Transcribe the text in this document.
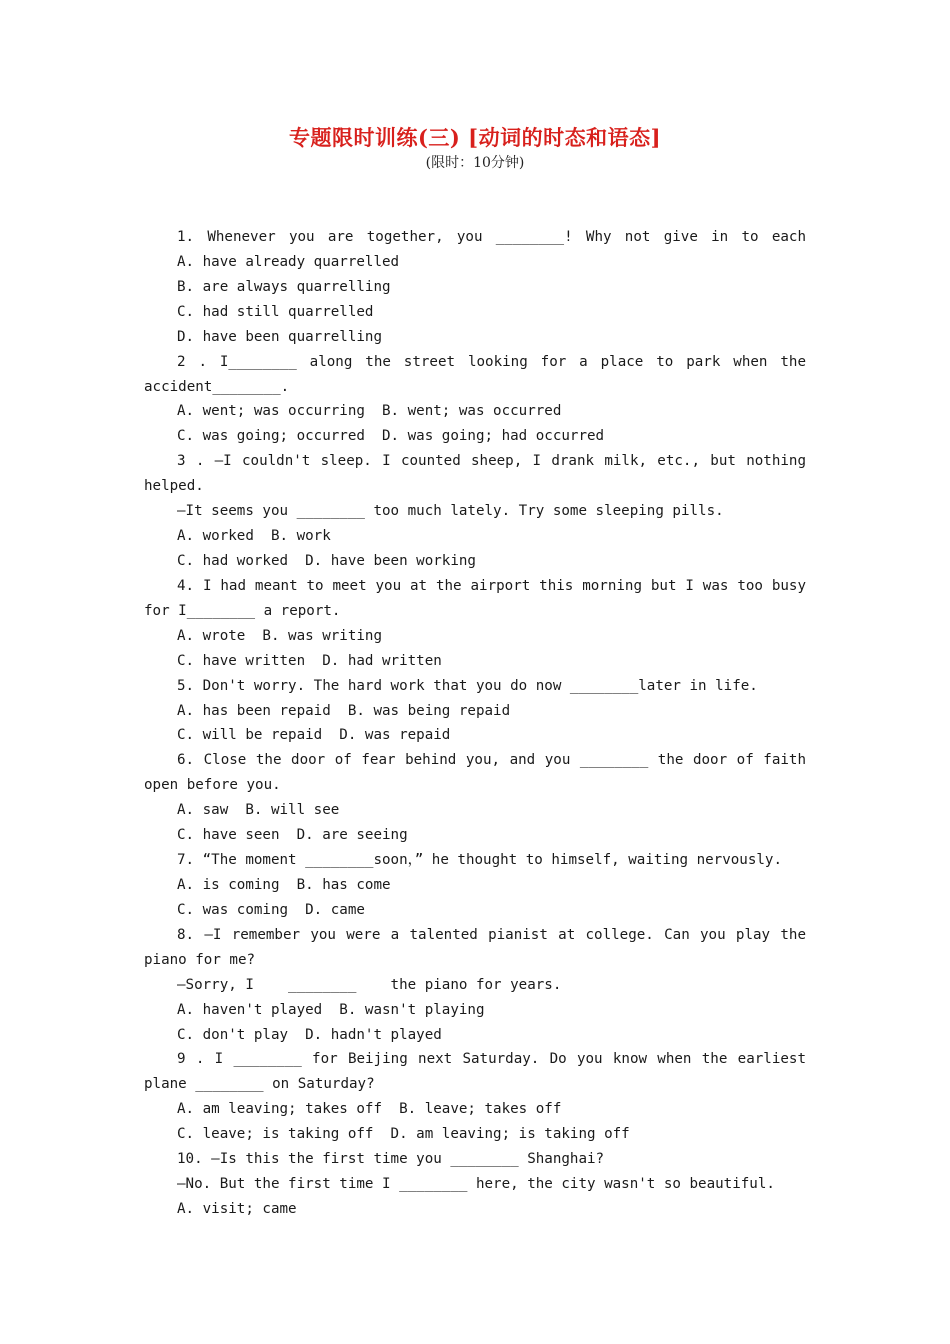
专题限时训练(三) [动词的时态和语态]
(限时：10分钟)
1. Whenever you are together, you ________! Why not give in to each
A. have already quarrelled
B. are always quarrelling
C. had still quarrelled
D. have been quarrelling
2 . I________ along the street looking for a place to park when the
accident________.
A. went; was occurring  B. went; was occurred
C. was going; occurred  D. was going; had occurred
3 . —I couldn't sleep. I counted sheep, I drank milk, etc., but nothing
helped.
—It seems you ________ too much lately. Try some sleeping pills.
A. worked  B. work
C. had worked  D. have been working
4. I had meant to meet you at the airport this morning but I was too busy
for I________ a report.
A. wrote  B. was writing
C. have written  D. had written
5. Don't worry. The hard work that you do now ________later in life.
A. has been repaid  B. was being repaid
C. will be repaid  D. was repaid
6. Close the door of fear behind you, and you ________ the door of faith
open before you.
A. saw  B. will see
C. have seen  D. are seeing
7. “The moment ________soon，” he thought to himself, waiting nervously.
A. is coming  B. has come
C. was coming  D. came
8. —I remember you were a talented pianist at college. Can you play the
piano for me?
—Sorry, I    ________    the piano for years.
A. haven't played  B. wasn't playing
C. don't play  D. hadn't played
9 . I ________ for Beijing next Saturday. Do you know when the earliest
plane ________ on Saturday?
A. am leaving; takes off  B. leave; takes off
C. leave; is taking off  D. am leaving; is taking off
10. —Is this the first time you ________ Shanghai?
—No. But the first time I ________ here, the city wasn't so beautiful.
A. visit; came
